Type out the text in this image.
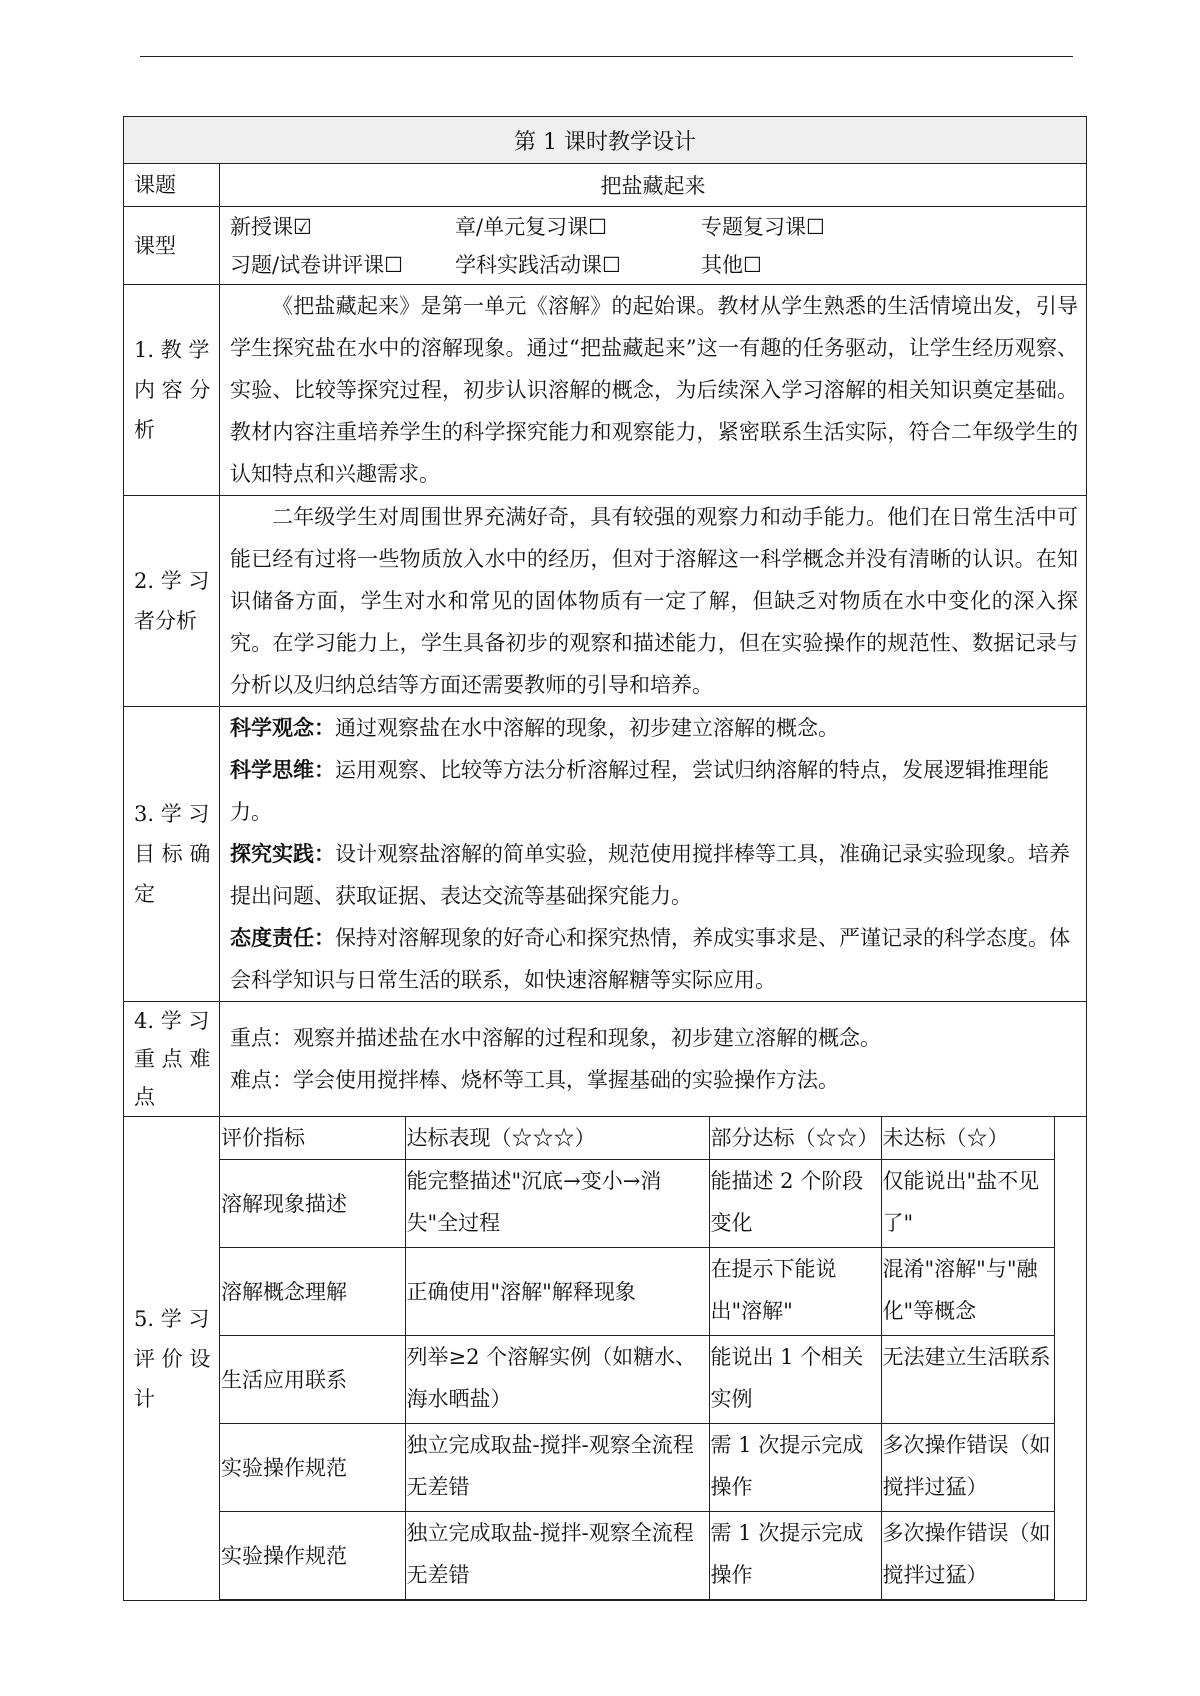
第 1 课时教学设计
课题	把盐藏起来
课型	
新授课☑	章/单元复习课☐	专题复习课☐
习题/试卷讲评课☐	学科实践活动课☐	其他☐

1. 教 学 内 容 分 析	
《把盐藏起来》是第一单元《溶解》的起始课。教材从学生熟悉的生活情境出发，引导学生探究盐在水中的溶解现象。通过“把盐藏起来”这一有趣的任务驱动，让学生经历观察、实验、比较等探究过程，初步认识溶解的概念，为后续深入学习溶解的相关知识奠定基础。教材内容注重培养学生的科学探究能力和观察能力，紧密联系生活实际，符合二年级学生的认知特点和兴趣需求。

2. 学 习 者分析	
二年级学生对周围世界充满好奇，具有较强的观察力和动手能力。他们在日常生活中可能已经有过将一些物质放入水中的经历，但对于溶解这一科学概念并没有清晰的认识。在知识储备方面，学生对水和常见的固体物质有一定了解，但缺乏对物质在水中变化的深入探究。在学习能力上，学生具备初步的观察和描述能力，但在实验操作的规范性、数据记录与分析以及归纳总结等方面还需要教师的引导和培养。

3. 学 习 目 标 确 定	
科学观念：通过观察盐在水中溶解的现象，初步建立溶解的概念。
科学思维：运用观察、比较等方法分析溶解过程，尝试归纳溶解的特点，发展逻辑推理能力。
探究实践：设计观察盐溶解的简单实验，规范使用搅拌棒等工具，准确记录实验现象。培养提出问题、获取证据、表达交流等基础探究能力。
态度责任：保持对溶解现象的好奇心和探究热情，养成实事求是、严谨记录的科学态度。体会科学知识与日常生活的联系，如快速溶解糖等实际应用。

4. 学 习 重 点 难 点	
重点：观察并描述盐在水中溶解的过程和现象，初步建立溶解的概念。
难点：学会使用搅拌棒、烧杯等工具，掌握基础的实验操作方法。

5. 学 习 评 价 设 计	
评价指标	达标表现（☆☆☆）	部分达标（☆☆）	未达标（☆）
溶解现象描述	能完整描述"沉底→变小→消失"全过程	能描述 2 个阶段变化	仅能说出"盐不见了"
溶解概念理解	正确使用"溶解"解释现象	在提示下能说出"溶解"	混淆"溶解"与"融化"等概念
生活应用联系	列举≥2 个溶解实例（如糖水、海水晒盐）	能说出 1 个相关实例	无法建立生活联系
实验操作规范	独立完成取盐-搅拌-观察全流程无差错	需 1 次提示完成操作	多次操作错误（如搅拌过猛）
实验操作规范	独立完成取盐-搅拌-观察全流程无差错	需 1 次提示完成操作	多次操作错误（如搅拌过猛）
